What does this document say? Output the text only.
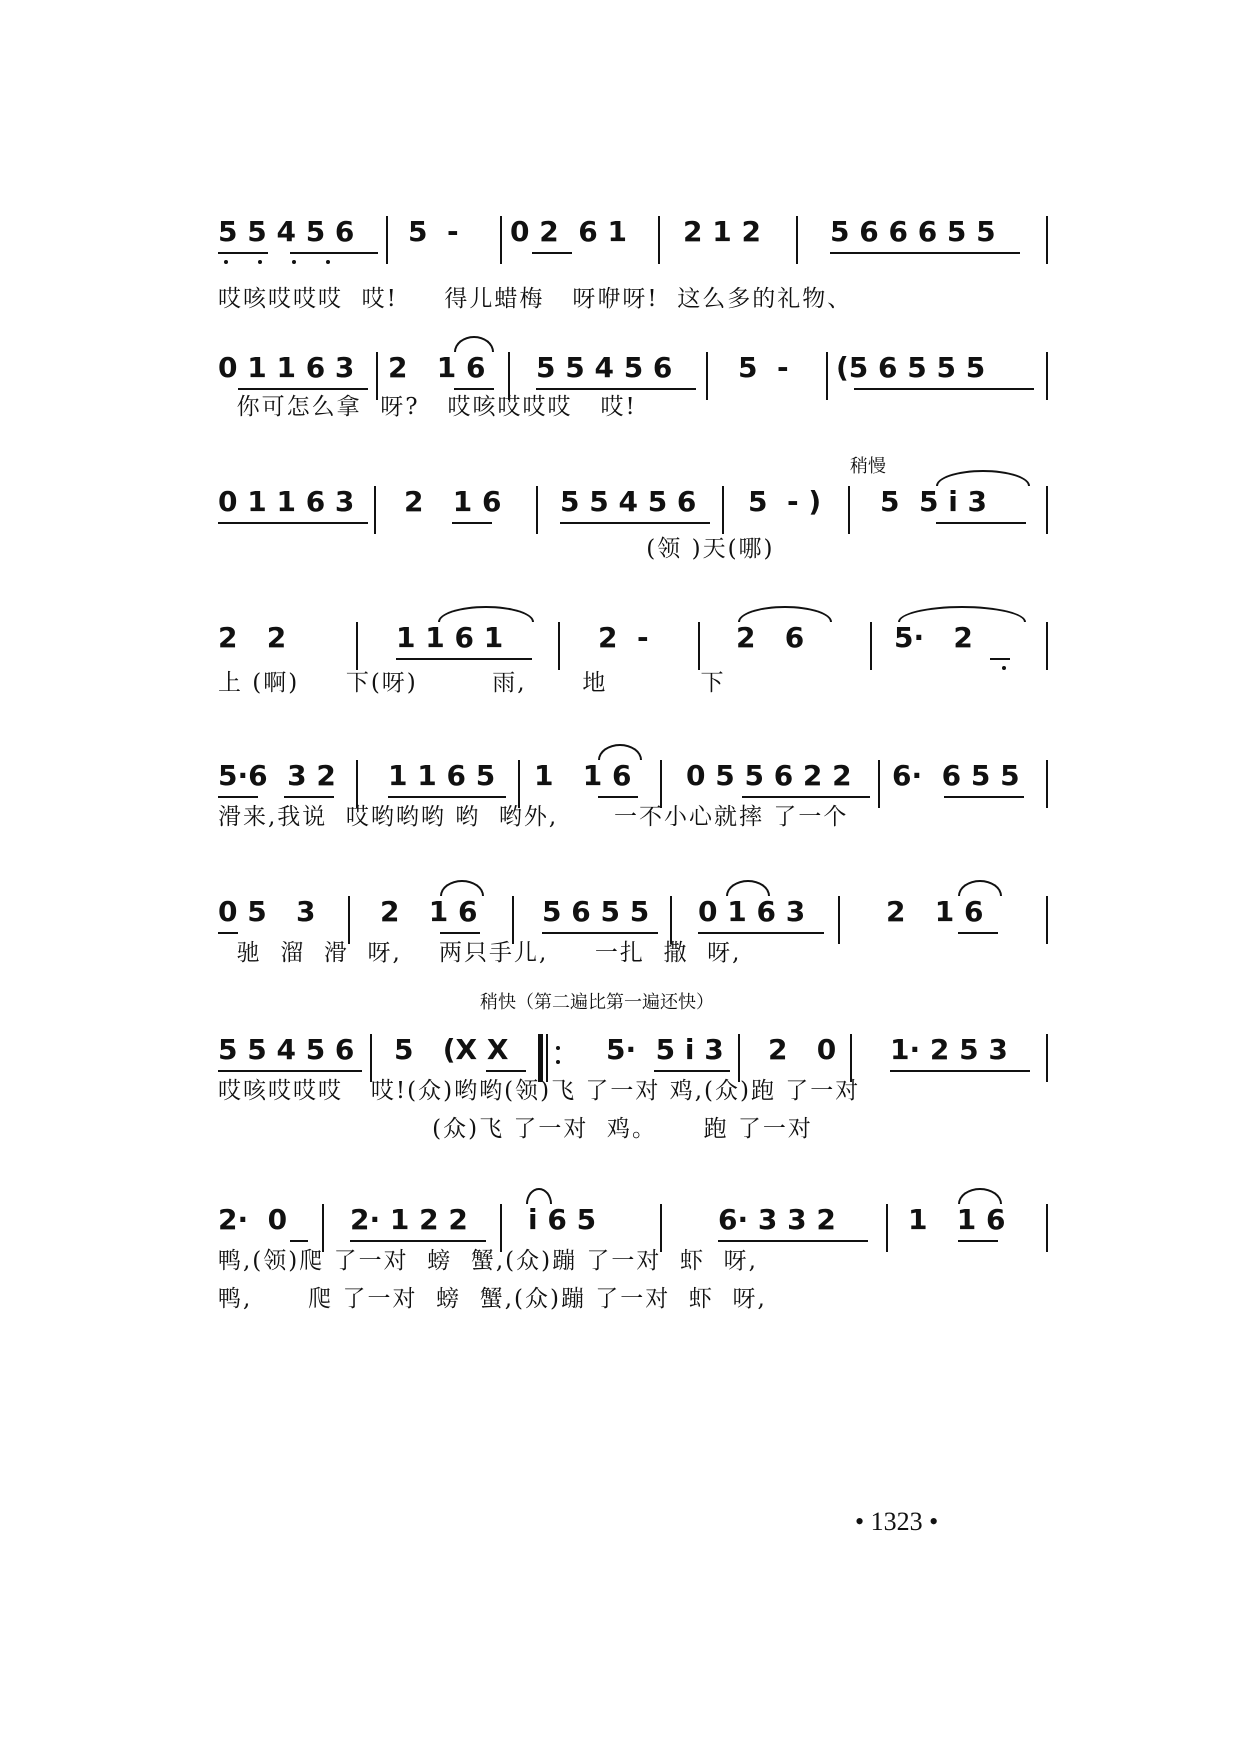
5 5 4 5 6 5  - 0 2  6 1 2 1 2 5 6 6 6 5 5
哎咳哎哎哎  哎!     得儿蜡梅   呀咿呀!  这么多的礼物、
0 1 1 6 3 2   1 6 5 5 4 5 6 5  - (5 6 5 5 5
你可怎么拿  呀?   哎咳哎哎哎   哎!
稍慢
0 1 1 6 3 2   1 6 5 5 4 5 6 5  - ) 5  5 i 3
(领 )天(哪)
2   2	1 1 6 1	2  -	2   6	5·   2
上 (啊)     下(呀)        雨,      地          下
5·6  3 2 1 1 6 5 1   1 6 0 5 5 6 2 2 6·  6 5 5
滑来,我说  哎哟哟哟 哟  哟外,      一不小心就摔 了一个
0 5   3 2   1 6 5 6 5 5 0 1 6 3	2   1 6
驰  溜  滑  呀,    两只手儿,     一扎  撒  呀,
稍快（第二遍比第一遍还快）
5 5 4 5 6 5   (X X	5·  5 i 3 2   0 1· 2 5 3
哎咳哎哎哎   哎!(众)哟哟(领)飞 了一对 鸡,(众)跑 了一对
(众)飞 了一对  鸡。     跑 了一对
2·  0 2· 1 2 2 i 6 5	6· 3 3 2	1   1 6
鸭,(领)爬 了一对  螃  蟹,(众)蹦 了一对  虾  呀,
鸭,      爬 了一对  螃  蟹,(众)蹦 了一对  虾  呀,
• 1323 •
